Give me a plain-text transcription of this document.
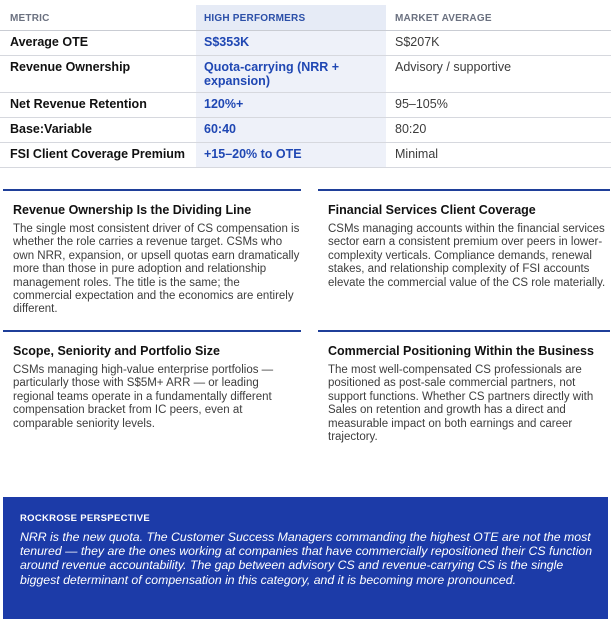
METRIC	HIGH PERFORMERS	MARKET AVERAGE
Average OTE	S$353K	S$207K
Revenue Ownership	Quota-carrying (NRR + expansion)	Advisory / supportive
Net Revenue Retention	120%+	95–105%
Base:Variable	60:40	80:20
FSI Client Coverage Premium	+15–20% to OTE	Minimal
Revenue Ownership Is the Dividing Line

The single most consistent driver of CS compensation is whether the role carries a revenue target. CSMs who own NRR, expansion, or upsell quotas earn dramatically more than those in pure adoption and relationship management roles. The title is the same; the commercial expectation and the economics are entirely different.

Financial Services Client Coverage

CSMs managing accounts within the financial services sector earn a consistent premium over peers in lower-complexity verticals. Compliance demands, renewal stakes, and relationship complexity of FSI accounts elevate the commercial value of the CS role materially.

Scope, Seniority and Portfolio Size

CSMs managing high-value enterprise portfolios — particularly those with S$5M+ ARR — or leading regional teams operate in a fundamentally different compensation bracket from IC peers, even at comparable seniority levels.

Commercial Positioning Within the Business

The most well-compensated CS professionals are positioned as post-sale commercial partners, not support functions. Whether CS partners directly with Sales on retention and growth has a direct and measurable impact on both earnings and career trajectory.

ROCKROSE PERSPECTIVE

NRR is the new quota. The Customer Success Managers commanding the highest OTE are not the most tenured — they are the ones working at companies that have commercially repositioned their CS function around revenue accountability. The gap between advisory CS and revenue-carrying CS is the single biggest determinant of compensation in this category, and it is becoming more pronounced.
